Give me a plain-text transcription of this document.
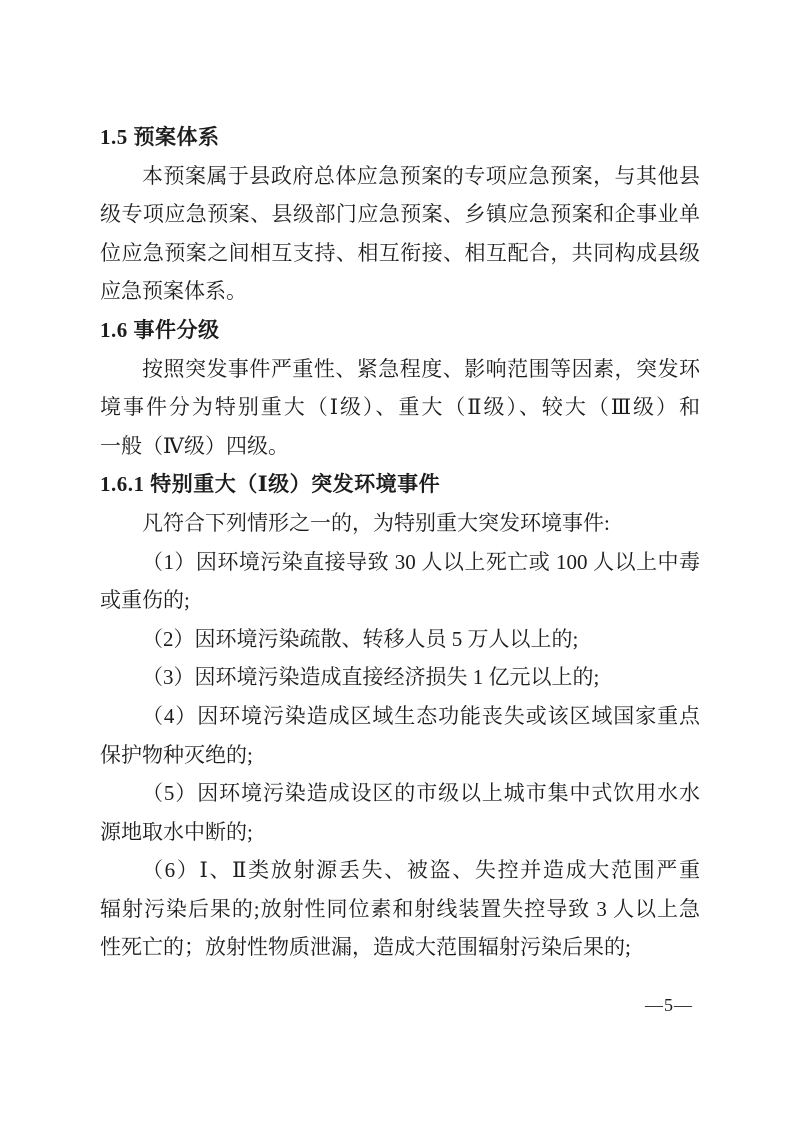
1.5 预案体系
本预案属于县政府总体应急预案的专项应急预案，与其他县
级专项应急预案、县级部门应急预案、乡镇应急预案和企事业单
位应急预案之间相互支持、相互衔接、相互配合，共同构成县级
应急预案体系。
1.6 事件分级
按照突发事件严重性、紧急程度、影响范围等因素，突发环
境事件分为特别重大（Ⅰ级）、重大（Ⅱ级）、较大（Ⅲ级）和
一般（Ⅳ级）四级。
1.6.1 特别重大（Ⅰ级）突发环境事件
凡符合下列情形之一的，为特别重大突发环境事件:
（1）因环境污染直接导致 30 人以上死亡或 100 人以上中毒
或重伤的;
（2）因环境污染疏散、转移人员 5 万人以上的;
（3）因环境污染造成直接经济损失 1 亿元以上的;
（4）因环境污染造成区域生态功能丧失或该区域国家重点
保护物种灭绝的;
（5）因环境污染造成设区的市级以上城市集中式饮用水水
源地取水中断的;
（6）Ⅰ、Ⅱ类放射源丢失、被盗、失控并造成大范围严重
辐射污染后果的;放射性同位素和射线装置失控导致 3 人以上急
性死亡的；放射性物质泄漏，造成大范围辐射污染后果的;
—5—
